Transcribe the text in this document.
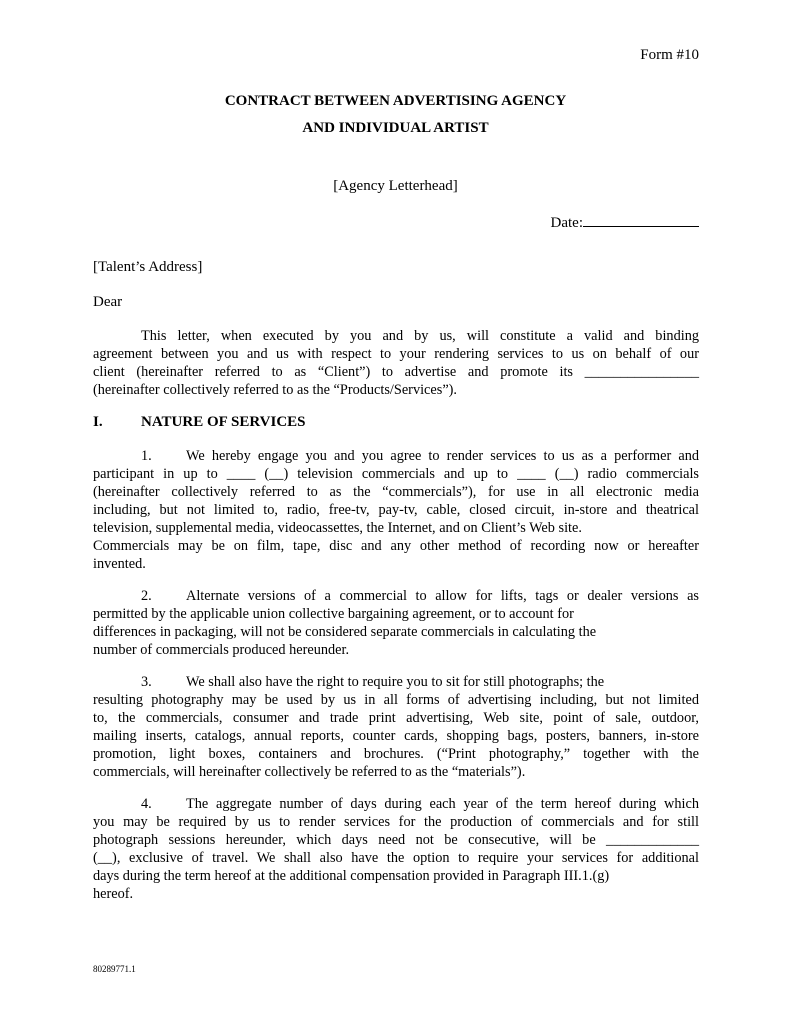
Form #10
CONTRACT BETWEEN ADVERTISING AGENCY
AND INDIVIDUAL ARTIST
[Agency Letterhead]
Date:
[Talent’s Address]
Dear
This letter, when executed by you and by us, will constitute a valid and binding
agreement between you and us with respect to your rendering services to us on behalf of our
client (hereinafter referred to as “Client”) to advertise and promote its ________________
(hereinafter collectively referred to as the “Products/Services”).
I.	NATURE OF SERVICES
1. We hereby engage you and you agree to render services to us as a performer and
participant in up to ____ (__) television commercials and up to ____ (__) radio commercials
(hereinafter collectively referred to as the “commercials”), for use in all electronic media
including, but not limited to, radio, free-tv, pay-tv, cable, closed circuit, in-store and theatrical
television, supplemental media, videocassettes, the Internet, and on Client’s Web site.
Commercials may be on film, tape, disc and any other method of recording now or hereafter
invented.
2. Alternate versions of a commercial to allow for lifts, tags or dealer versions as
permitted by the applicable union collective bargaining agreement, or to account for
differences in packaging, will not be considered separate commercials in calculating the
number of commercials produced hereunder.
3. We shall also have the right to require you to sit for still photographs; the
resulting photography may be used by us in all forms of advertising including, but not limited
to, the commercials, consumer and trade print advertising, Web site, point of sale, outdoor,
mailing inserts, catalogs, annual reports, counter cards, shopping bags, posters, banners, in-store
promotion, light boxes, containers and brochures. (“Print photography,” together with the
commercials, will hereinafter collectively be referred to as the “materials”).
4. The aggregate number of days during each year of the term hereof during which
you may be required by us to render services for the production of commercials and for still
photograph sessions hereunder, which days need not be consecutive, will be _____________
(__), exclusive of travel. We shall also have the option to require your services for additional
days during the term hereof at the additional compensation provided in Paragraph III.1.(g)
hereof.
80289771.1
